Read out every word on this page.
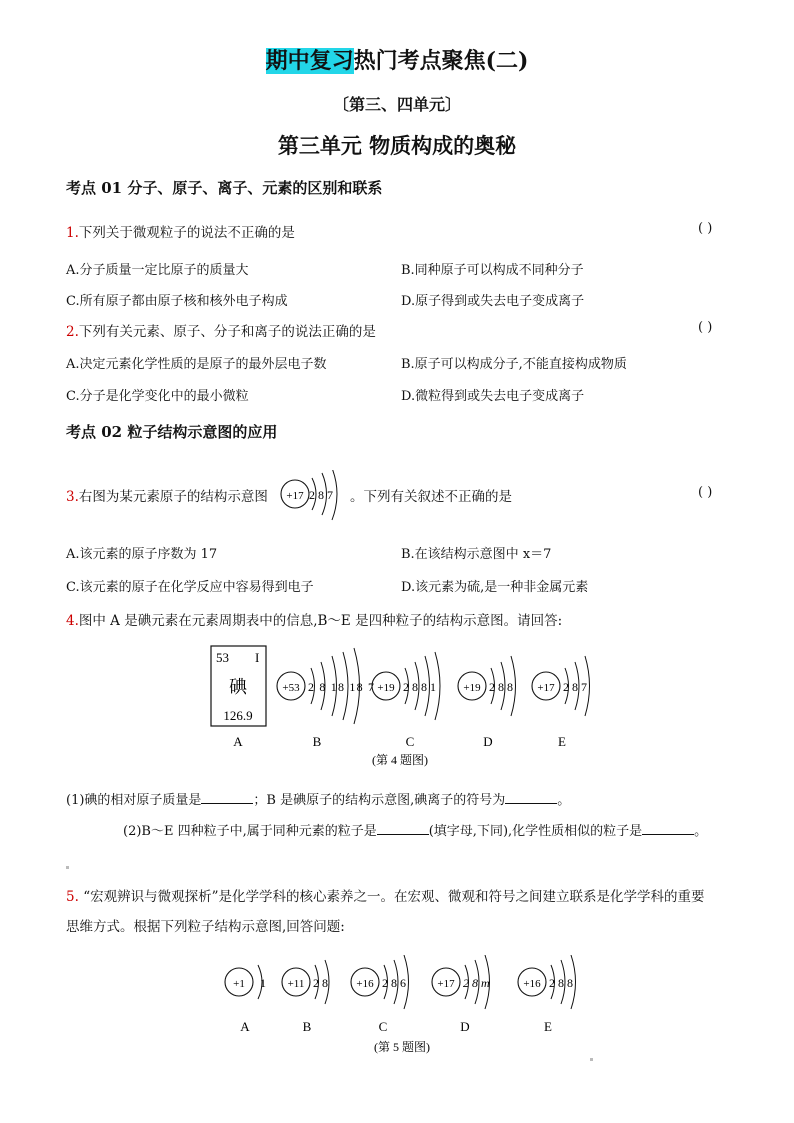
期中复习热门考点聚焦(二)
〔第三、四单元〕
第三单元 物质构成的奥秘
考点 01 分子、原子、离子、元素的区别和联系
1.下列关于微观粒子的说法不正确的是	( )
A.分子质量一定比原子的质量大	B.同种原子可以构成不同种分子
C.所有原子都由原子核和核外电子构成	D.原子得到或失去电子变成离子
2.下列有关元素、原子、分子和离子的说法正确的是	( )
A.决定元素化学性质的是原子的最外层电子数	B.原子可以构成分子,不能直接构成物质
C.分子是化学变化中的最小微粒	D.微粒得到或失去电子变成离子
考点 02 粒子结构示意图的应用
3.右图为某元素原子的结构示意图 +17 2 8 7 。下列有关叙述不正确的是	( )
A.该元素的原子序数为 17	B.在该结构示意图中 x＝7
C.该元素的原子在化学反应中容易得到电子	D.该元素为硫,是一种非金属元素
4.图中 A 是碘元素在元素周期表中的信息,B～E 是四种粒子的结构示意图。请回答:
53 I
碘
126.9
+53 2 8 18 18 7 +19 2 8 8 1 +19 2 8 8 +17 2 8 7
A	B	C	D	E
(第 4 题图)
(1)碘的相对原子质量是	；B 是碘原子的结构示意图,碘离子的符号为	。
(2)B～E 四种粒子中,属于同种元素的粒子是	(填字母,下同),化学性质相似的粒子是	。
5. “宏观辨识与微观探析”是化学学科的核心素养之一。在宏观、微观和符号之间建立联系是化学学科的重要
思维方式。根据下列粒子结构示意图,回答问题:
+1 1 +11 2 8	+16 2 8 6	+17 2 8 m	+16 2 8 8
A	B	C	D	E
(第 5 题图)
